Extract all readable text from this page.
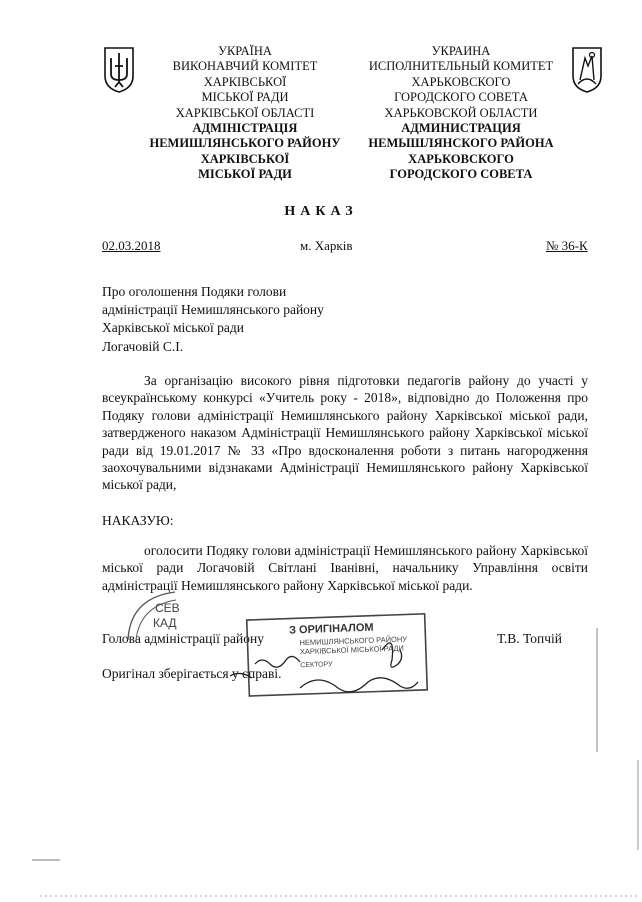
УКРАЇНА
ВИКОНАВЧИЙ КОМІТЕТ
ХАРКІВСЬКОЇ
МІСЬКОЇ РАДИ
ХАРКІВСЬКОЇ ОБЛАСТІ
АДМІНІСТРАЦІЯ
НЕМИШЛЯНСЬКОГО РАЙОНУ
ХАРКІВСЬКОЇ
МІСЬКОЇ РАДИ
УКРАИНА
ИСПОЛНИТЕЛЬНЫЙ КОМИТЕТ
ХАРЬКОВСКОГО
ГОРОДСКОГО СОВЕТА
ХАРЬКОВСКОЙ ОБЛАСТИ
АДМИНИСТРАЦИЯ
НЕМЫШЛЯНСКОГО РАЙОНА
ХАРЬКОВСКОГО
ГОРОДСКОГО СОВЕТА
НАКАЗ
02.03.2018	м. Харків	№ 36-К
Про оголошення Подяки голови
адміністрації Немишлянського району
Харківської міської ради
Логачовій С.І.
За організацію високого рівня підготовки педагогів району до участі у всеукраїнському конкурсі «Учитель року - 2018», відповідно до Положення про Подяку голови адміністрації Немишлянського району Харківської міської ради, затвердженого наказом Адміністрації Немишлянського району Харківської міської ради від 19.01.2017 № 33 «Про вдосконалення роботи з питань нагородження заохочувальними відзнаками Адміністрації Немишлянського району Харківської міської ради,
НАКАЗУЮ:
оголосити Подяку голови адміністрації Немишлянського району Харківської міської ради Логачовій Світлані Іванівні, начальнику Управління освіти адміністрації Немишлянського району Харківської міської ради.
Голова адміністрації району	Т.В. Топчій
Оригінал зберігається у справі.
СЕВ
КАД	З ОРИГІНАЛОМ
НЕМИШЛЯНСЬКОГО РАЙОНУ
ХАРКІВСЬКОЇ МІСЬКОЇ РАДИ
СЕКТОРУ
